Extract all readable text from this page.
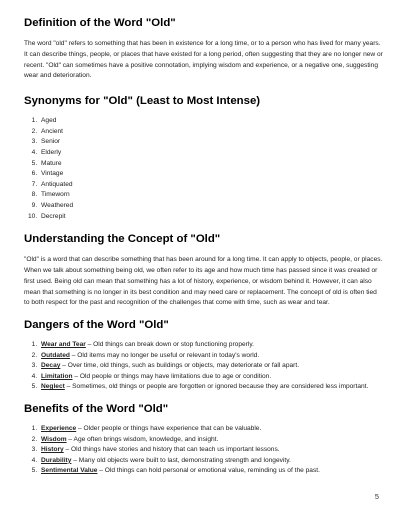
Definition of the Word "Old"

The word "old" refers to something that has been in existence for a long time, or to a person who has lived for many years. It can describe things, people, or places that have existed for a long period, often suggesting that they are no longer new or recent. "Old" can sometimes have a positive connotation, implying wisdom and experience, or a negative one, suggesting wear and deterioration.

Synonyms for "Old" (Least to Most Intense)
1. Aged
2. Ancient
3. Senior
4. Elderly
5. Mature
6. Vintage
7. Antiquated
8. Timeworn
9. Weathered
10. Decrepit
Understanding the Concept of "Old"

"Old" is a word that can describe something that has been around for a long time. It can apply to objects, people, or places. When we talk about something being old, we often refer to its age and how much time has passed since it was created or first used. Being old can mean that something has a lot of history, experience, or wisdom behind it. However, it can also mean that something is no longer in its best condition and may need care or replacement. The concept of old is often tied to both respect for the past and recognition of the challenges that come with time, such as wear and tear.

Dangers of the Word "Old"
1. Wear and Tear – Old things can break down or stop functioning properly.
2. Outdated – Old items may no longer be useful or relevant in today's world.
3. Decay – Over time, old things, such as buildings or objects, may deteriorate or fall apart.
4. Limitation – Old people or things may have limitations due to age or condition.
5. Neglect – Sometimes, old things or people are forgotten or ignored because they are considered less important.
Benefits of the Word "Old"
1. Experience – Older people or things have experience that can be valuable.
2. Wisdom – Age often brings wisdom, knowledge, and insight.
3. History – Old things have stories and history that can teach us important lessons.
4. Durability – Many old objects were built to last, demonstrating strength and longevity.
5. Sentimental Value – Old things can hold personal or emotional value, reminding us of the past.
5
